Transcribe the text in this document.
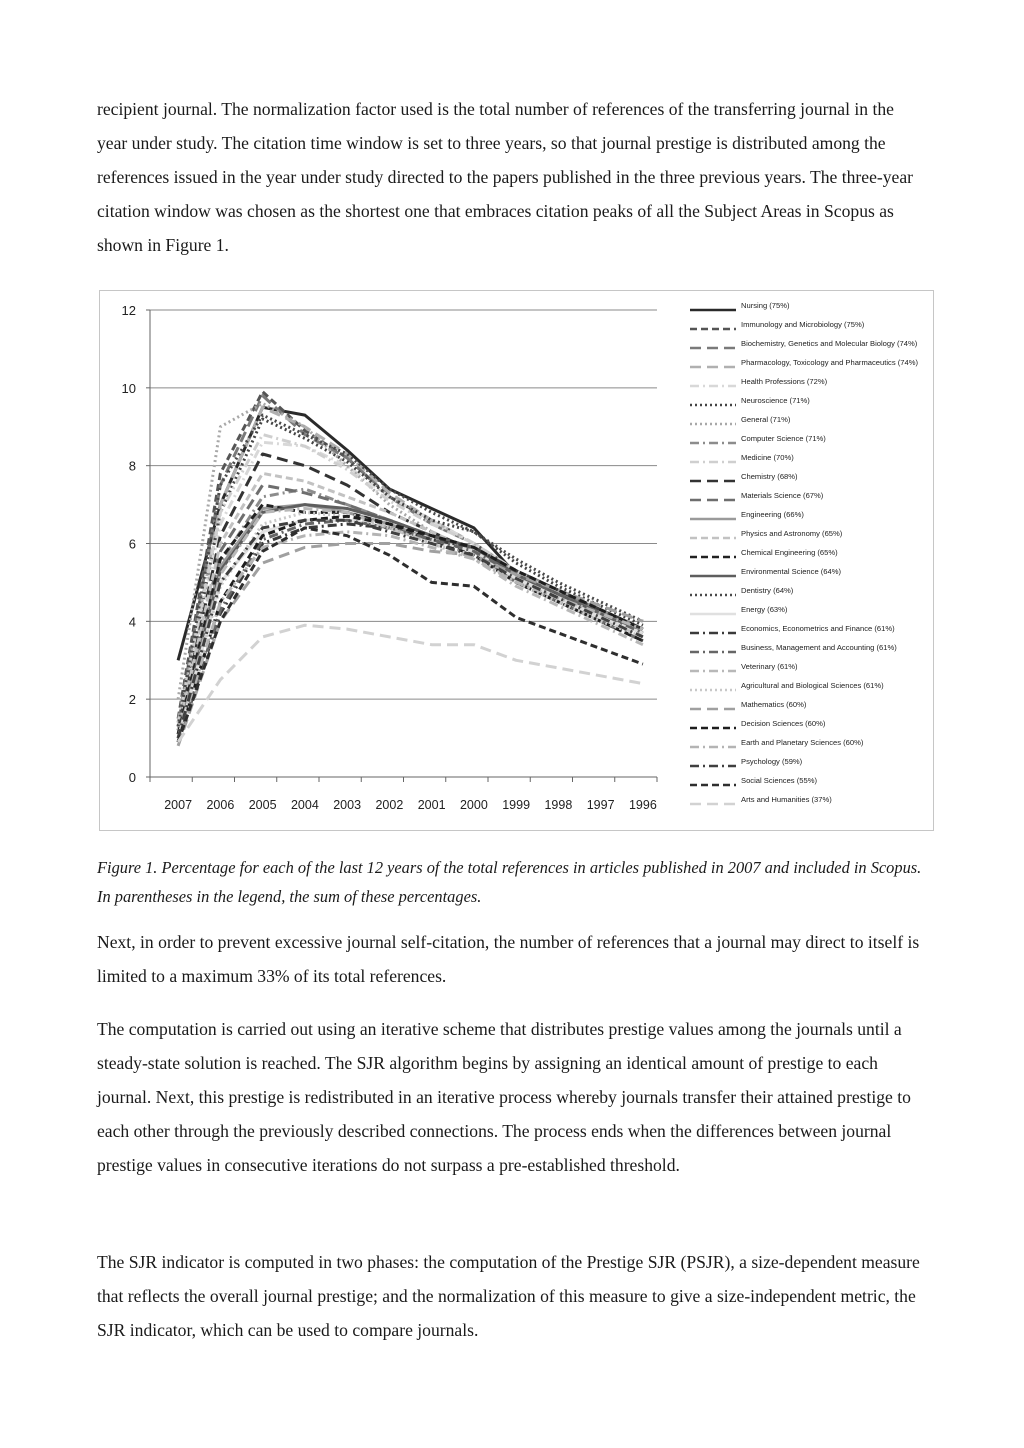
recipient journal. The normalization factor used is the total number of references of the transferring journal in the year under study. The citation time window is set to three years, so that journal prestige is distributed among the references issued in the year under study directed to the papers published in the three previous years. The three-year citation window was chosen as the shortest one that embraces citation peaks of all the Subject Areas in Scopus as shown in Figure 1.

0
2
4
6
8
10
12
2007 2006 2005 2004 2003 2002 2001 2000 1999 1998 1997 1996
Nursing (75%)
Immunology and Microbiology (75%)
Biochemistry, Genetics and Molecular Biology (74%)
Pharmacology, Toxicology and Pharmaceutics (74%)
Health Professions (72%)
Neuroscience (71%)
General (71%)
Computer Science (71%)
Medicine (70%)
Chemistry (68%)
Materials Science (67%)
Engineering (66%)
Physics and Astronomy (65%)
Chemical Engineering (65%)
Environmental Science (64%)
Dentistry (64%)
Energy (63%)
Economics, Econometrics and Finance (61%)
Business, Management and Accounting (61%)
Veterinary (61%)
Agricultural and Biological Sciences (61%)
Mathematics (60%)
Decision Sciences (60%)
Earth and Planetary Sciences (60%)
Psychology (59%)
Social Sciences (55%)
Arts and Humanities (37%)

Figure 1. Percentage for each of the last 12 years of the total references in articles published in 2007 and included in Scopus. In parentheses in the legend, the sum of these percentages.

Next, in order to prevent excessive journal self-citation, the number of references that a journal may direct to itself is limited to a maximum 33% of its total references.

The computation is carried out using an iterative scheme that distributes prestige values among the journals until a steady-state solution is reached. The SJR algorithm begins by assigning an identical amount of prestige to each journal. Next, this prestige is redistributed in an iterative process whereby journals transfer their attained prestige to each other through the previously described connections. The process ends when the differences between journal prestige values in consecutive iterations do not surpass a pre-established threshold.

The SJR indicator is computed in two phases: the computation of the Prestige SJR (PSJR), a size-dependent measure that reflects the overall journal prestige; and the normalization of this measure to give a size-independent metric, the SJR indicator, which can be used to compare journals.
